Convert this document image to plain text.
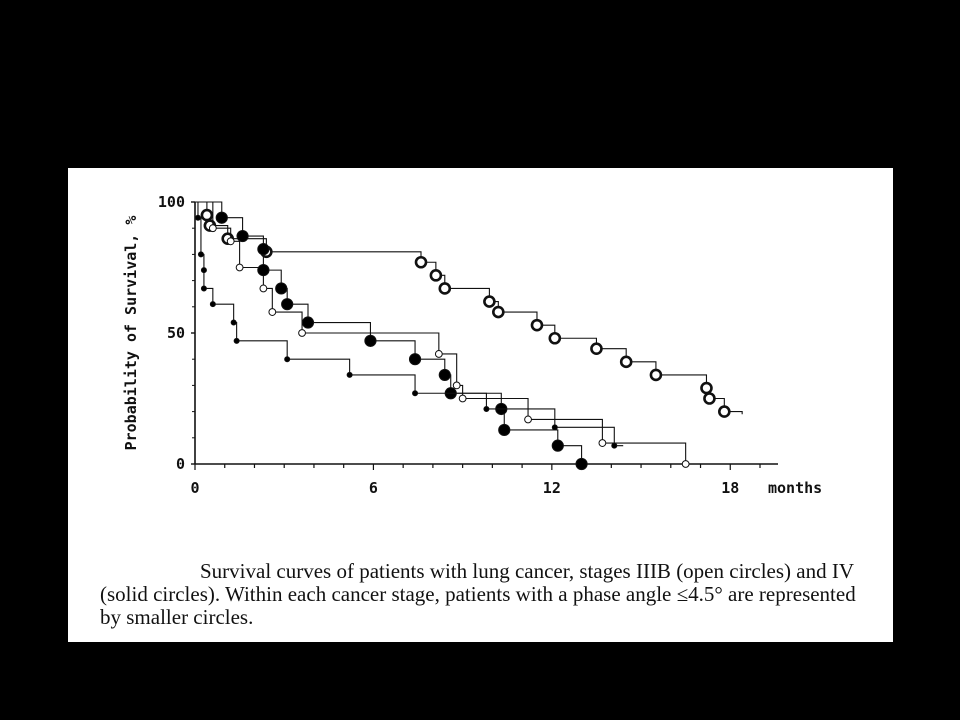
0
50
100
0	6	12	18 months
Probability of Survival, %

Survival curves of patients with lung cancer, stages IIIB (open circles) and IV (solid circles). Within each cancer stage, patients with a phase angle ≤4.5° are represented by smaller circles.
